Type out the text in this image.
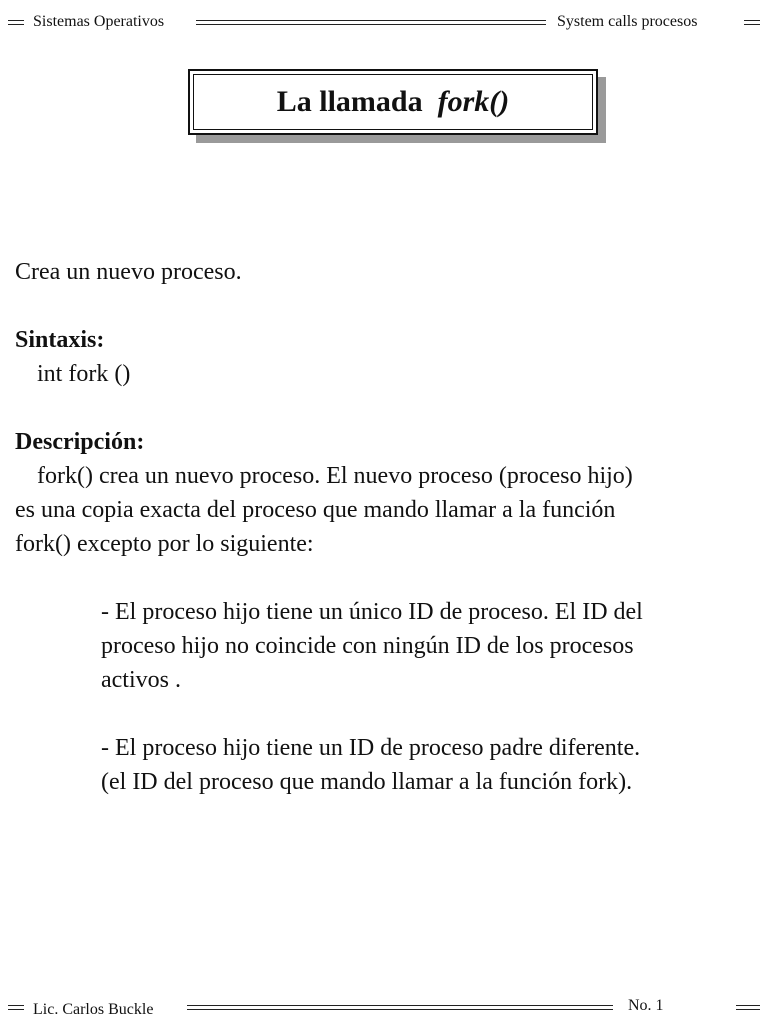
Sistemas Operativos	System calls procesos
La llamada fork()
Crea un nuevo proceso.
Sintaxis:
int fork ()
Descripción:
fork() crea un nuevo proceso. El nuevo proceso (proceso hijo)
es una copia exacta del proceso que mando llamar a la función
fork() excepto por lo siguiente:
- El proceso hijo tiene un único ID de proceso. El ID del
proceso hijo no coincide con ningún ID de los procesos
activos .
- El proceso hijo tiene un ID de proceso padre diferente.
(el ID del proceso que mando llamar a la función fork).
Lic. Carlos Buckle	No. 1
